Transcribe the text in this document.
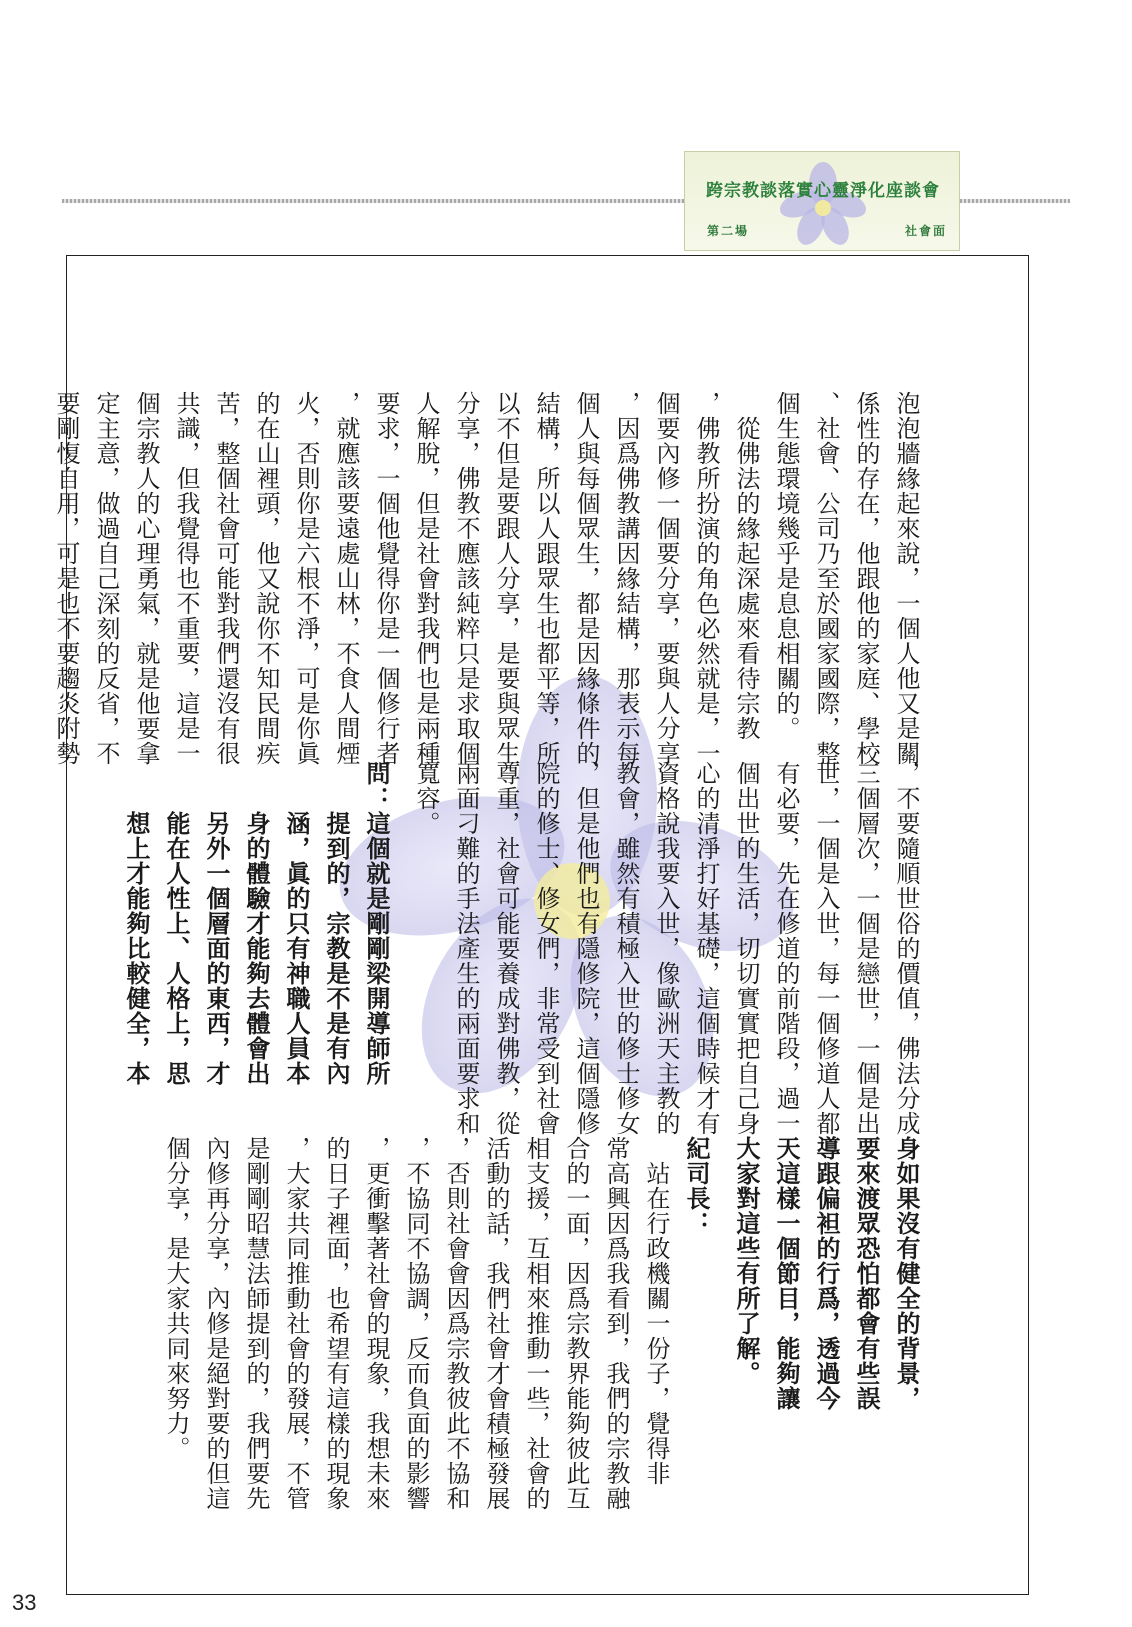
跨宗教談落實心靈淨化座談會
第二場	社會面
泡泡牆緣起來說，一個人他又是關
係性的存在，他跟他的家庭、學校
、社會、公司乃至於國家國際，整
個生態環境幾乎是息息相關的。
　從佛法的緣起深處來看待宗教
，佛教所扮演的角色必然就是，一
個要內修一個要分享，要與人分享
，因爲佛教講因緣結構，那表示每
個人與每個眾生，都是因緣條件的
結構，所以人跟眾生也都平等，所
以不但是要跟人分享，是要與眾生
分享，佛教不應該純粹只是求取個
人解脫，但是社會對我們也是兩種
要求，一個他覺得你是一個修行者
，就應該要遠處山林，不食人間煙
火，否則你是六根不淨，可是你眞
的在山裡頭，他又說你不知民間疾
苦，整個社會可能對我們還沒有很
共識，但我覺得也不重要，這是一
個宗教人的心理勇氣，就是他要拿
定主意，做過自己深刻的反省，不
要剛愎自用，可是也不要趨炎附勢
，不要隨順世俗的價值，佛法分成
三個層次，一個是戀世，一個是出
世，一個是入世，每一個修道人都
有必要，先在修道的前階段，過一
個出世的生活，切切實實把自己身
心的清淨打好基礎，這個時候才有
資格說我要入世，像歐洲天主教的
教會，雖然有積極入世的修士修女
，但是他們也有隱修院，這個隱修
院的修士、修女們，非常受到社會
尊重，社會可能要養成對佛教，從
兩面刁難的手法產生的兩面要求和
寬容。
問：這個就是剛剛梁開導師所
　　提到的，宗教是不是有內
　　涵，眞的只有神職人員本
　　身的體驗才能夠去體會出
　　另外一個層面的東西，才
　　能在人性上、人格上，思
　　想上才能夠比較健全，本
身如果沒有健全的背景，
要來渡眾恐怕都會有些誤
導跟偏袒的行爲，透過今
天這樣一個節目，能夠讓
大家對這些有所了解。
紀司長：
　站在行政機關一份子，覺得非
常高興因爲我看到，我們的宗教融
合的一面，因爲宗教界能夠彼此互
相支援，互相來推動一些，社會的
活動的話，我們社會才會積極發展
，否則社會會因爲宗教彼此不協和
，不協同不協調，反而負面的影響
，更衝擊著社會的現象，我想未來
的日子裡面，也希望有這樣的現象
，大家共同推動社會的發展，不管
是剛剛昭慧法師提到的，我們要先
內修再分享，內修是絕對要的但這
個分享，是大家共同來努力。
33
